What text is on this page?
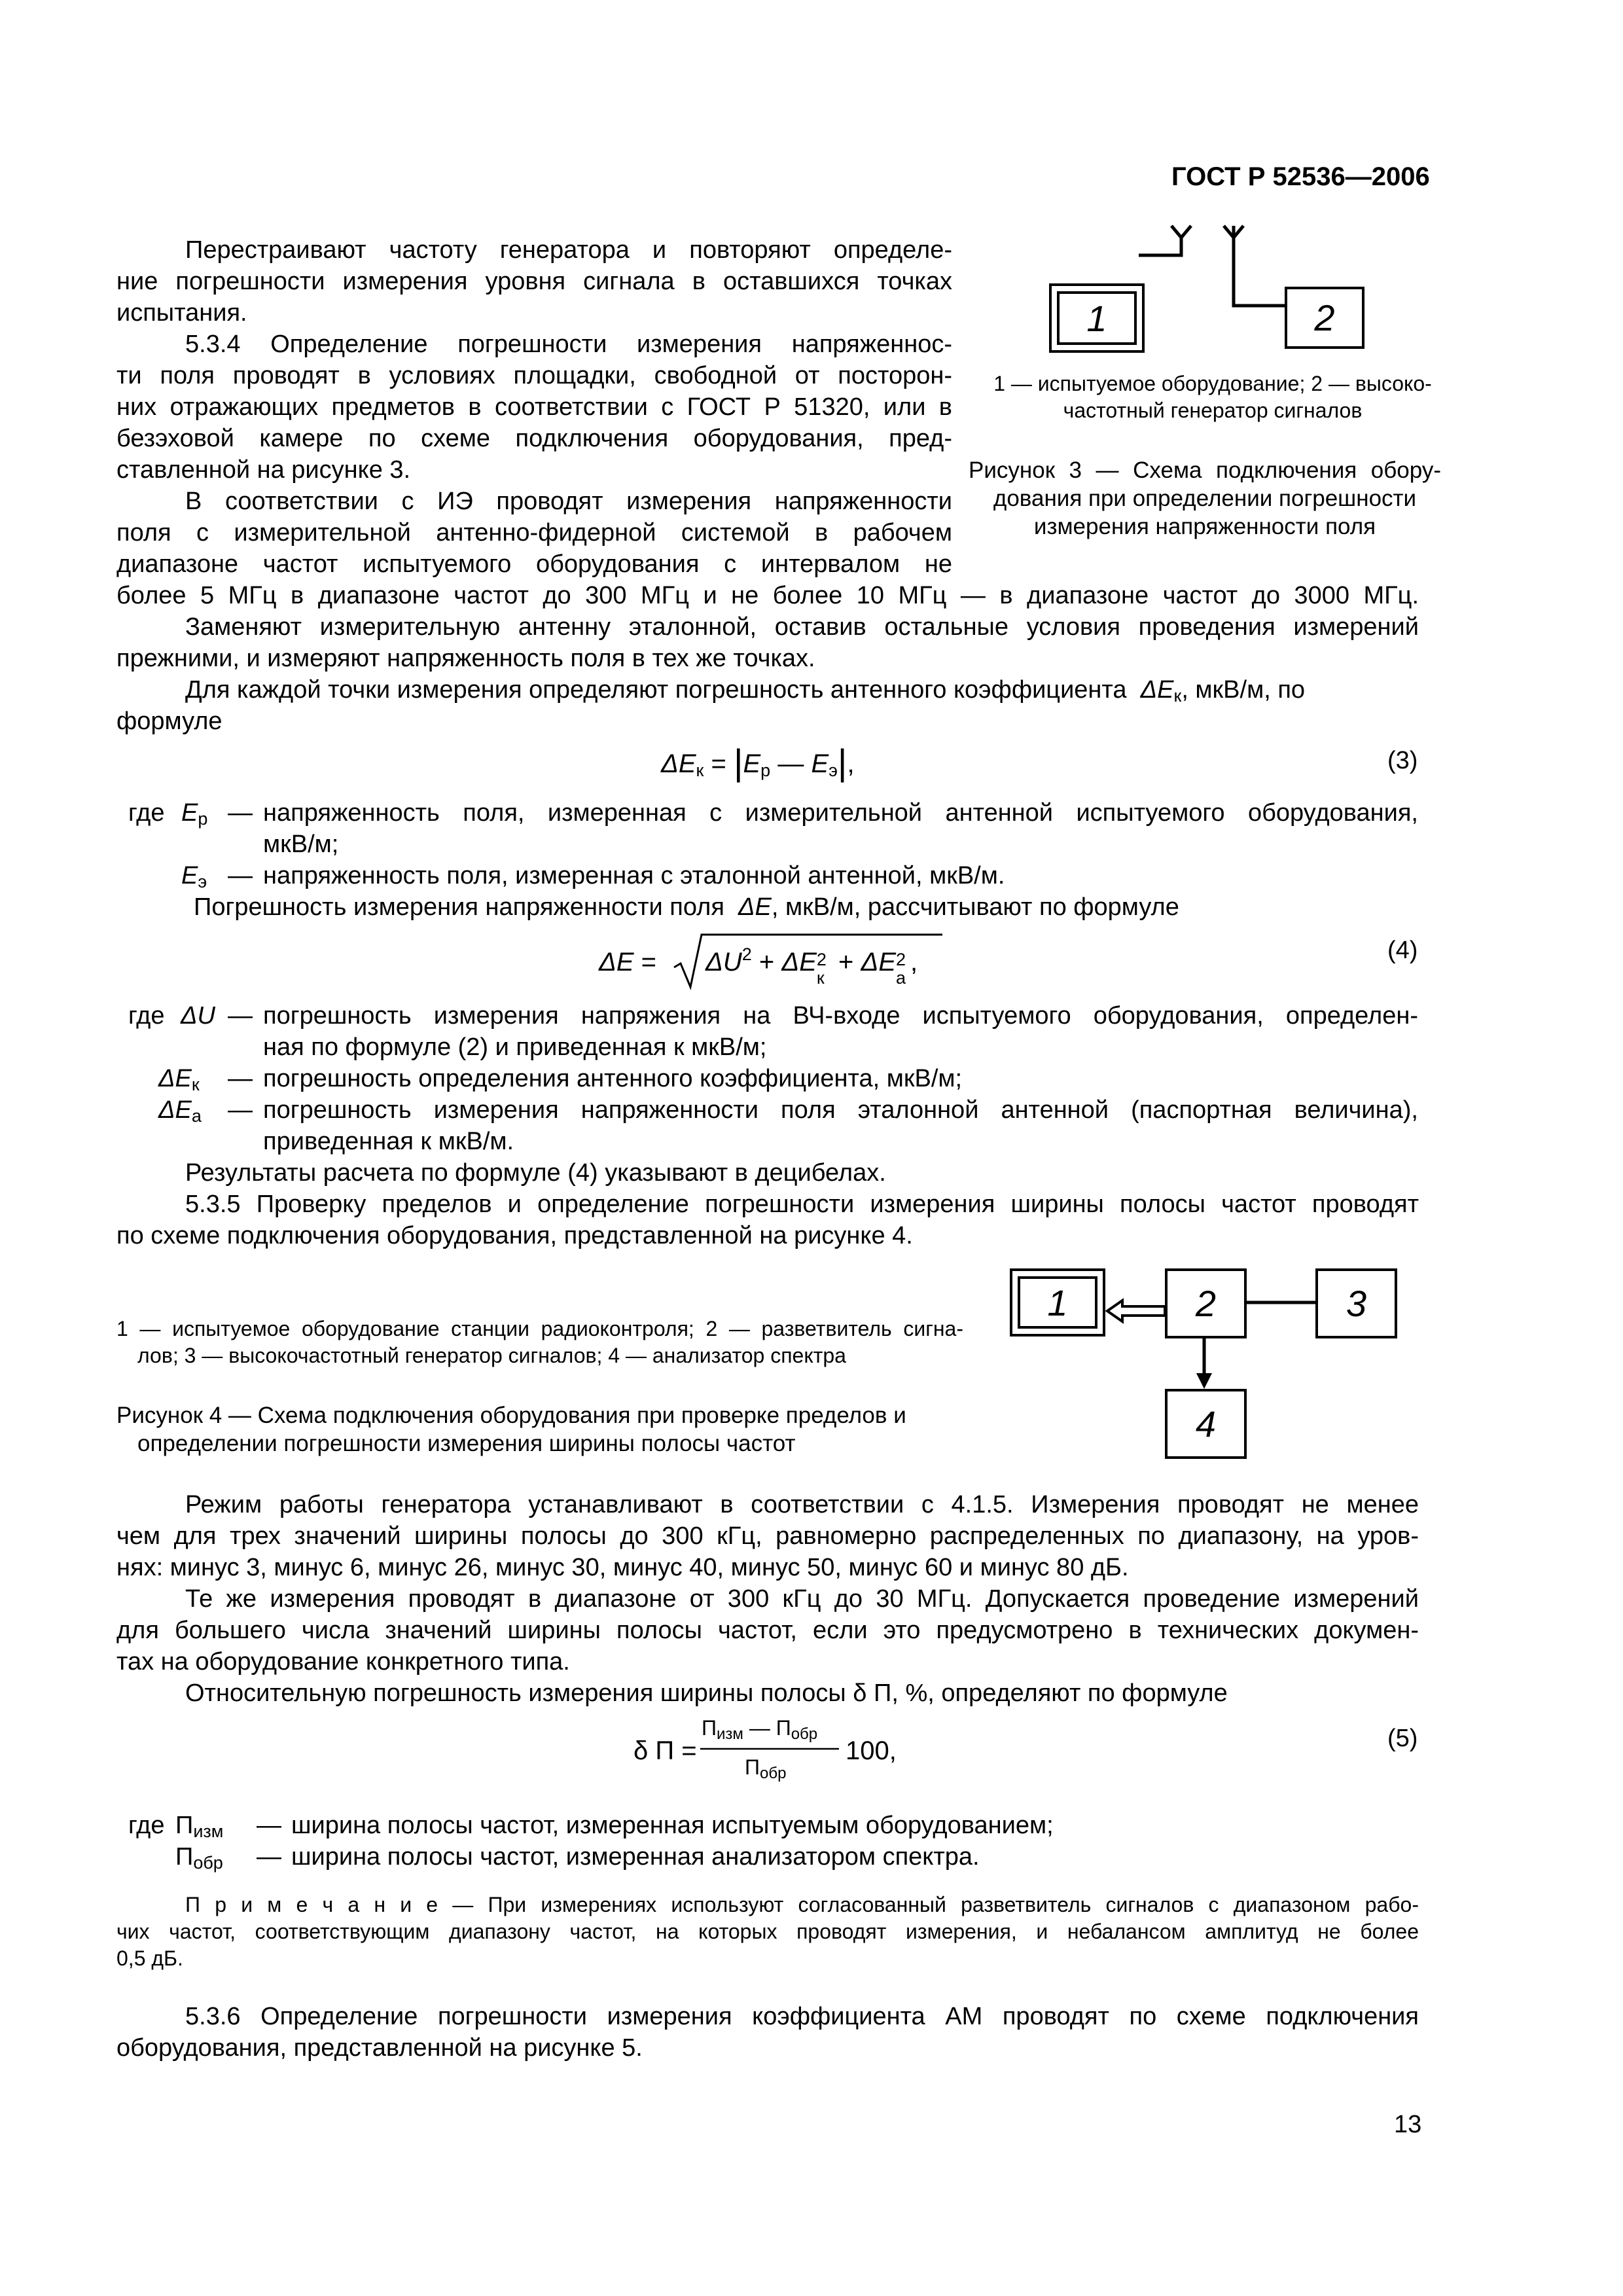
ГОСТ Р 52536—2006
Перестраивают частоту генератора и повторяют определе-
ние погрешности измерения уровня сигнала в оставшихся точках
испытания.
5.3.4 Определение погрешности измерения напряженнос-
ти поля проводят в условиях площадки, свободной от посторон-
них отражающих предметов в соответствии с ГОСТ Р 51320, или в
безэховой камере по схеме подключения оборудования, пред-
ставленной на рисунке 3.
В соответствии с ИЭ проводят измерения напряженности
поля с измерительной антенно-фидерной системой в рабочем
диапазоне частот испытуемого оборудования с интервалом не
более 5 МГц в диапазоне частот до 300 МГц и не более 10 МГц — в диапазоне частот до 3000 МГц.
1	2
1 — испытуемое оборудование; 2 — высоко-
частотный генератор сигналов
Рисунок 3 — Схема подключения обору-
дования при определении погрешности
измерения напряженности поля
Заменяют измерительную антенну эталонной, оставив остальные условия проведения измерений
прежними, и измеряют напряженность поля в тех же точках.
Для каждой точки измерения определяют погрешность антенного коэффициента $\Delta E_к$, мкВ/м, по
формуле
$\Delta E_к = |E_р$ — $E_э|$,	(3)
где $E_р$ — напряженность поля, измеренная с измерительной антенной испытуемого оборудования,
мкВ/м;
$E_э$ — напряженность поля, измеренная с эталонной антенной, мкВ/м.
Погрешность измерения напряженности поля ΔE, мкВ/м, рассчитывают по формуле
$\Delta E = \Delta U^2 + \Delta E$ 2
к
+ ΔE 2
а
,	(4)
где ΔU — погрешность измерения напряжения на ВЧ-входе испытуемого оборудования, определен-
ная по формуле (2) и приведенная к мкВ/м;
$\Delta E_к$ — погрешность определения антенного коэффициента, мкВ/м;
$\Delta E_а$ — погрешность измерения напряженности поля эталонной антенной (паспортная величина),
приведенная к мкВ/м.
Результаты расчета по формуле (4) указывают в децибелах.
5.3.5 Проверку пределов и определение погрешности измерения ширины полосы частот проводят
по схеме подключения оборудования, представленной на рисунке 4.
1	2	3
4
1 — испытуемое оборудование станции радиоконтроля; 2 — разветвитель сигна-
лов; 3 — высокочастотный генератор сигналов; 4 — анализатор спектра
Рисунок 4 — Схема подключения оборудования при проверке пределов и
определении погрешности измерения ширины полосы частот
Режим работы генератора устанавливают в соответствии с 4.1.5. Измерения проводят не менее
чем для трех значений ширины полосы до 300 кГц, равномерно распределенных по диапазону, на уров-
нях: минус 3, минус 6, минус 26, минус 30, минус 40, минус 50, минус 60 и минус 80 дБ.
Те же измерения проводят в диапазоне от 300 кГц до 30 МГц. Допускается проведение измерений
для большего числа значений ширины полосы частот, если это предусмотрено в технических докумен-
тах на оборудование конкретного типа.
Относительную погрешность измерения ширины полосы δ П, %, определяют по формуле
δ П =
$П_{изм}$ — $П_{обр}$
$П_{обр}$
100,	(5)
где $П_{изм}$ — ширина полосы частот, измеренная испытуемым оборудованием;
$П_{обр}$ — ширина полосы частот, измеренная анализатором спектра.
П р и м е ч а н и е — При измерениях используют согласованный разветвитель сигналов с диапазоном рабо-
чих частот, соответствующим диапазону частот, на которых проводят измерения, и небалансом амплитуд не более
0,5 дБ.
5.3.6 Определение погрешности измерения коэффициента АМ проводят по схеме подключения
оборудования, представленной на рисунке 5.
13
